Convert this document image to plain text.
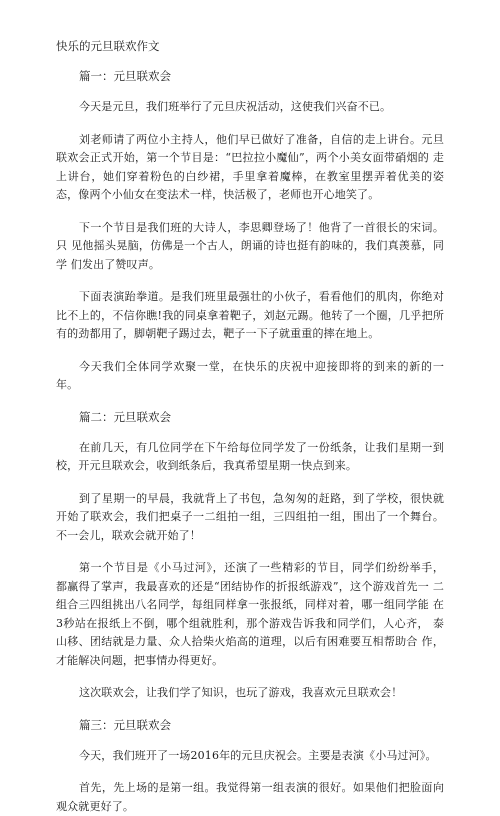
快乐的元旦联欢作文
篇一：元旦联欢会

今天是元旦，我们班举行了元旦庆祝活动，这使我们兴奋不已。

刘老师请了两位小主持人，他们早已做好了准备，自信的走上讲台。元旦 联欢会正式开始，第一个节目是：“巴拉拉小魔仙”，两个小美女面带硝烟的 走上讲台，她们穿着粉色的白纱裙，手里拿着魔棒，在教室里摆弄着优美的姿 态，像两个小仙女在变法术一样，快活极了，老师也开心地笑了。

下一个节目是我们班的大诗人，李思卿登场了！他背了一首很长的宋词。只 见他摇头晃脑，仿佛是一个古人，朗诵的诗也挺有韵味的，我们真羡慕，同学 们发出了赞叹声。

下面表演跆拳道。是我们班里最强壮的小伙子，看看他们的肌肉，你绝对 比不上的，不信你瞧!我的同桌拿着靶子，刘赵元踢。他转了一个圈，几乎把所 有的劲都用了，脚朝靶子踢过去，靶子一下子就重重的摔在地上。

今天我们全体同学欢聚一堂，在快乐的庆祝中迎接即将的到来的新的一 年。

篇二：元旦联欢会

在前几天，有几位同学在下午给每位同学发了一份纸条，让我们星期一到 校，开元旦联欢会，收到纸条后，我真希望星期一快点到来。

到了星期一的早晨，我就背上了书包，急匆匆的赶路，到了学校，很快就 开始了联欢会，我们把桌子一二组拍一组，三四组拍一组，围出了一个舞台。 不一会儿，联欢会就开始了！

第一个节目是《小马过河》，还演了一些精彩的节目，同学们纷纷举手， 都赢得了掌声，我最喜欢的还是“团结协作的折报纸游戏”，这个游戏首先一 二组合三四组挑出八名同学，每组同样拿一张报纸，同样对着，哪一组同学能 在3秒站在报纸上不倒，哪个组就胜利，那个游戏告诉我和同学们，人心齐， 泰山移、团结就是力量、众人拾柴火焰高的道理，以后有困难要互相帮助合 作，才能解决问题，把事情办得更好。

这次联欢会，让我们学了知识，也玩了游戏，我喜欢元旦联欢会！

篇三：元旦联欢会

今天，我们班开了一场2016年的元旦庆祝会。主要是表演《小马过河》。

首先，先上场的是第一组。我觉得第一组表演的很好。如果他们把脸面向 观众就更好了。
